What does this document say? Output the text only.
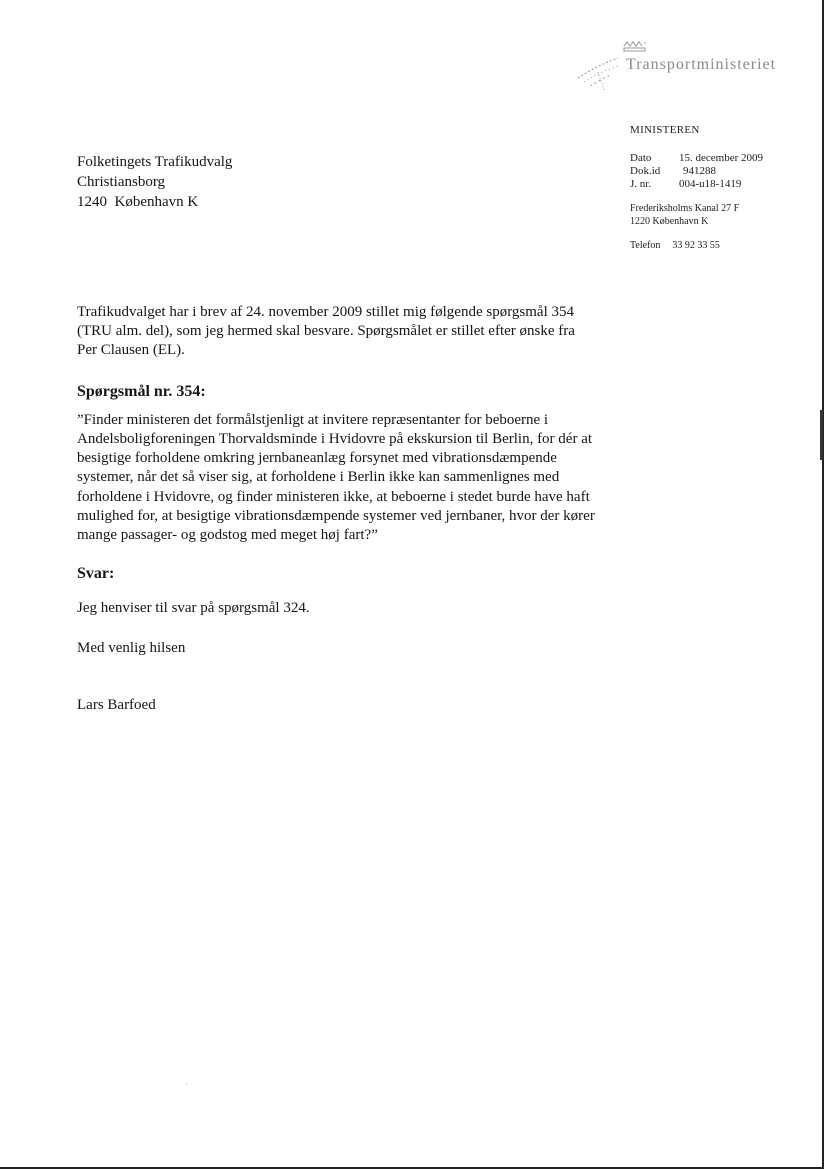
Transportministeriet
MINISTEREN
Dato	15. december 2009
Dok.id 941288
J. nr.	004-u18-1419
Frederiksholms Kanal 27 F
1220 København K
Telefon 33 92 33 55
Folketingets Trafikudvalg
Christiansborg
1240  København K

Trafikudvalget har i brev af 24. november 2009 stillet mig følgende spørgsmål 354 (TRU alm. del), som jeg hermed skal besvare. Spørgsmålet er stillet efter ønske fra Per Clausen (EL).

Spørgsmål nr. 354:

”Finder ministeren det formålstjenligt at invitere repræsentanter for beboerne i Andelsboligforeningen Thorvaldsminde i Hvidovre på ekskursion til Berlin, for dér at besigtige forholdene omkring jernbaneanlæg forsynet med vibrationsdæmpende systemer, når det så viser sig, at forholdene i Berlin ikke kan sammenlignes med forholdene i Hvidovre, og finder ministeren ikke, at beboerne i stedet burde have haft mulighed for, at besigtige vibrationsdæmpende systemer ved jernbaner, hvor der kører mange passager- og godstog med meget høj fart?”

Svar:

Jeg henviser til svar på spørgsmål 324.

Med venlig hilsen

Lars Barfoed
